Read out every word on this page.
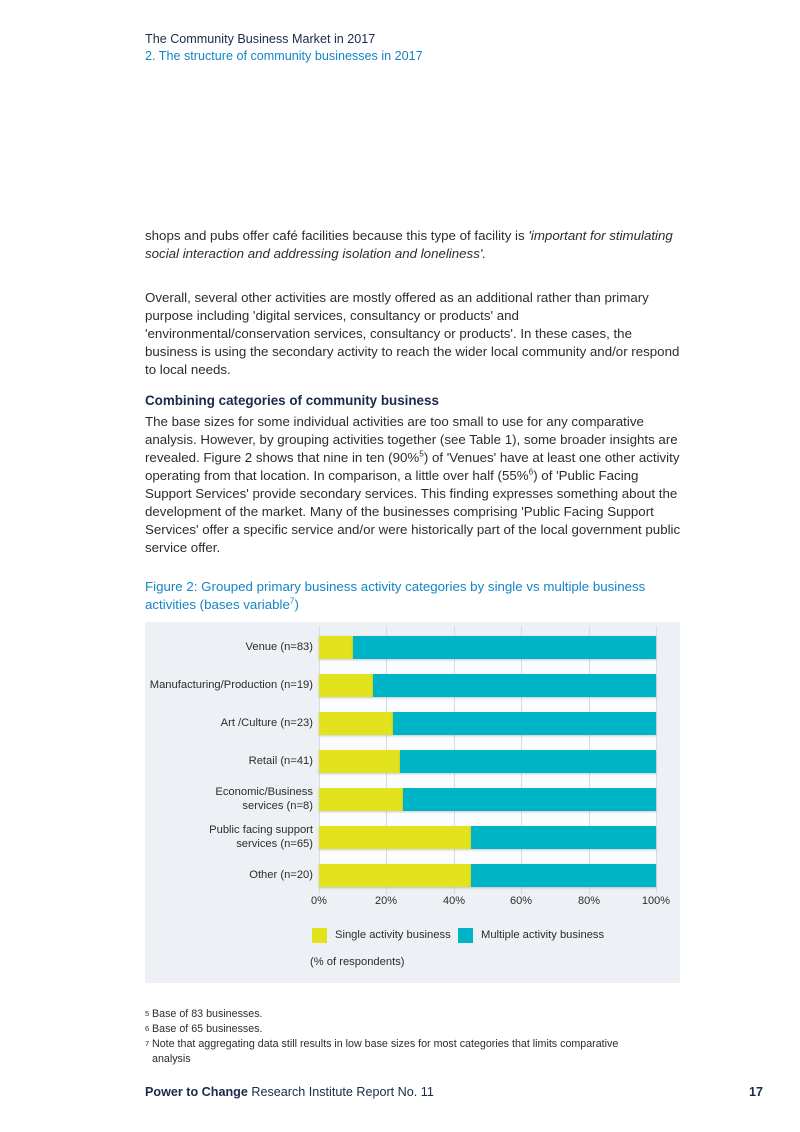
The Community Business Market in 2017
2. The structure of community businesses in 2017

shops and pubs offer café facilities because this type of facility is 'important for stimulating social interaction and addressing isolation and loneliness'.

Overall, several other activities are mostly offered as an additional rather than primary purpose including 'digital services, consultancy or products' and 'environmental/conservation services, consultancy or products'. In these cases, the business is using the secondary activity to reach the wider local community and/or respond to local needs.

Combining categories of community business

The base sizes for some individual activities are too small to use for any comparative analysis. However, by grouping activities together (see Table 1), some broader insights are revealed. Figure 2 shows that nine in ten (90%$^5$) of 'Venues' have at least one other activity operating from that location. In comparison, a little over half (55%$^6$) of 'Public Facing Support Services' provide secondary services. This finding expresses something about the development of the market. Many of the businesses comprising 'Public Facing Support Services' offer a specific service and/or were historically part of the local government public service offer.

Figure 2: Grouped primary business activity categories by single vs multiple business activities (bases variable$^7$)

0%	20%	40%	60%	80%	100%
Venue (n=83)
Manufacturing/Production (n=19)
Art /Culture (n=23)
Retail (n=41)
Economic/Business
services (n=8)
Public facing support
services (n=65)
Other (n=20)
Single activity business	Multiple activity business
(% of respondents)
5 Base of 83 businesses.
6 Base of 65 businesses.
7 Note that aggregating data still results in low base sizes for most categories that limits comparative analysis
Power to Change Research Institute Report No. 11	17
